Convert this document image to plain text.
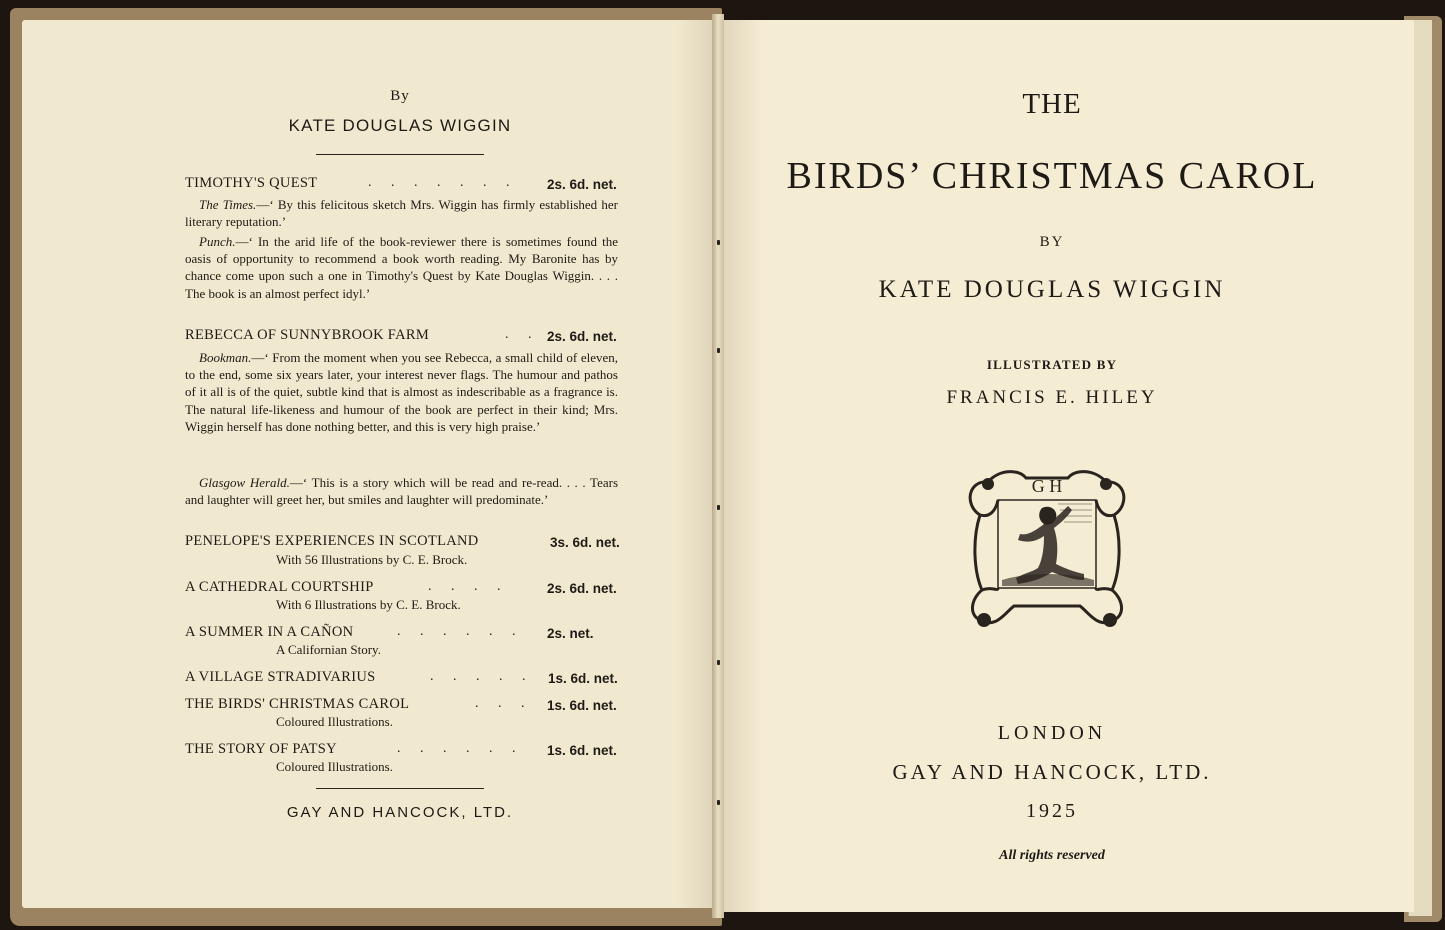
By
KATE DOUGLAS WIGGIN
TIMOTHY'S QUEST	. . . . . . . 2s. 6d. net.
The Times.—‘ By this felicitous sketch Mrs. Wiggin has firmly established her literary reputation.’
Punch.—‘ In the arid life of the book-reviewer there is sometimes found the oasis of opportunity to recommend a book worth reading. My Baronite has by chance come upon such a one in Timothy's Quest by Kate Douglas Wiggin. . . . The book is an almost perfect idyl.’
REBECCA OF SUNNYBROOK FARM	. . 2s. 6d. net.
Bookman.—‘ From the moment when you see Rebecca, a small child of eleven, to the end, some six years later, your interest never flags. The humour and pathos of it all is of the quiet, subtle kind that is almost as indescribable as a fragrance is. The natural life-likeness and humour of the book are perfect in their kind; Mrs. Wiggin herself has done nothing better, and this is very high praise.’
Glasgow Herald.—‘ This is a story which will be read and re-read. . . . Tears and laughter will greet her, but smiles and laughter will predominate.’
PENELOPE'S EXPERIENCES IN SCOTLAND	3s. 6d. net.
With 56 Illustrations by C. E. Brock.
A CATHEDRAL COURTSHIP	. . . .	2s. 6d. net.
With 6 Illustrations by C. E. Brock.
A SUMMER IN A CAÑON	. . . . . . 2s. net.
A Californian Story.
A VILLAGE STRADIVARIUS	. . . . . 1s. 6d. net.
THE BIRDS' CHRISTMAS CAROL	. . . 1s. 6d. net.
Coloured Illustrations.
THE STORY OF PATSY	. . . . . . 1s. 6d. net.
Coloured Illustrations.
GAY AND HANCOCK, LTD.
THE
BIRDS’ CHRISTMAS CAROL
BY
KATE DOUGLAS WIGGIN
ILLUSTRATED BY
FRANCIS E. HILEY
G H
LONDON
GAY AND HANCOCK, LTD.
1925
All rights reserved
